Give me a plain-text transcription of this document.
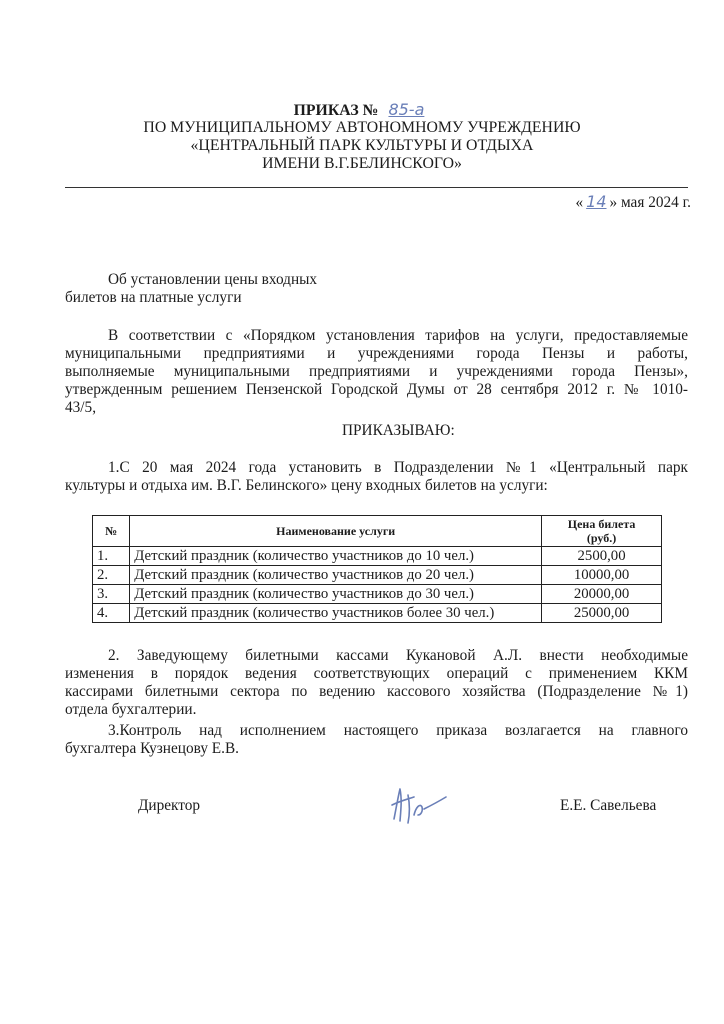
ПРИКАЗ № 85-а
ПО МУНИЦИПАЛЬНОМУ АВТОНОМНОМУ УЧРЕЖДЕНИЮ
«ЦЕНТРАЛЬНЫЙ ПАРК КУЛЬТУРЫ И ОТДЫХА
ИМЕНИ В.Г.БЕЛИНСКОГО»
« 14 » мая 2024 г.
Об установлении цены входных
билетов на платные услуги
В соответствии с «Порядком установления тарифов на услуги, предоставляемые
муниципальными предприятиями и учреждениями города Пензы и работы,
выполняемые муниципальными предприятиями и учреждениями города Пензы»,
утвержденным решением Пензенской Городской Думы от 28 сентября 2012 г. № 1010-
43/5,
ПРИКАЗЫВАЮ:
1.С 20 мая 2024 года установить в Подразделении №1 «Центральный парк
культуры и отдыха им. В.Г. Белинского» цену входных билетов на услуги:
№	Наименование услуги	Цена билета
(руб.)

1.	Детский праздник (количество участников до 10 чел.)	2500,00
2.	Детский праздник (количество участников до 20 чел.)	10000,00
3.	Детский праздник (количество участников до 30 чел.)	20000,00
4.	Детский праздник (количество участников более 30 чел.)	25000,00
2. Заведующему билетными кассами Кукановой А.Л. внести необходимые
изменения в порядок ведения соответствующих операций с применением ККМ
кассирами билетными сектора по ведению кассового хозяйства (Подразделение №1)
отдела бухгалтерии.
3.Контроль над исполнением настоящего приказа возлагается на главного
бухгалтера Кузнецову Е.В.
Директор	Е.Е. Савельева
